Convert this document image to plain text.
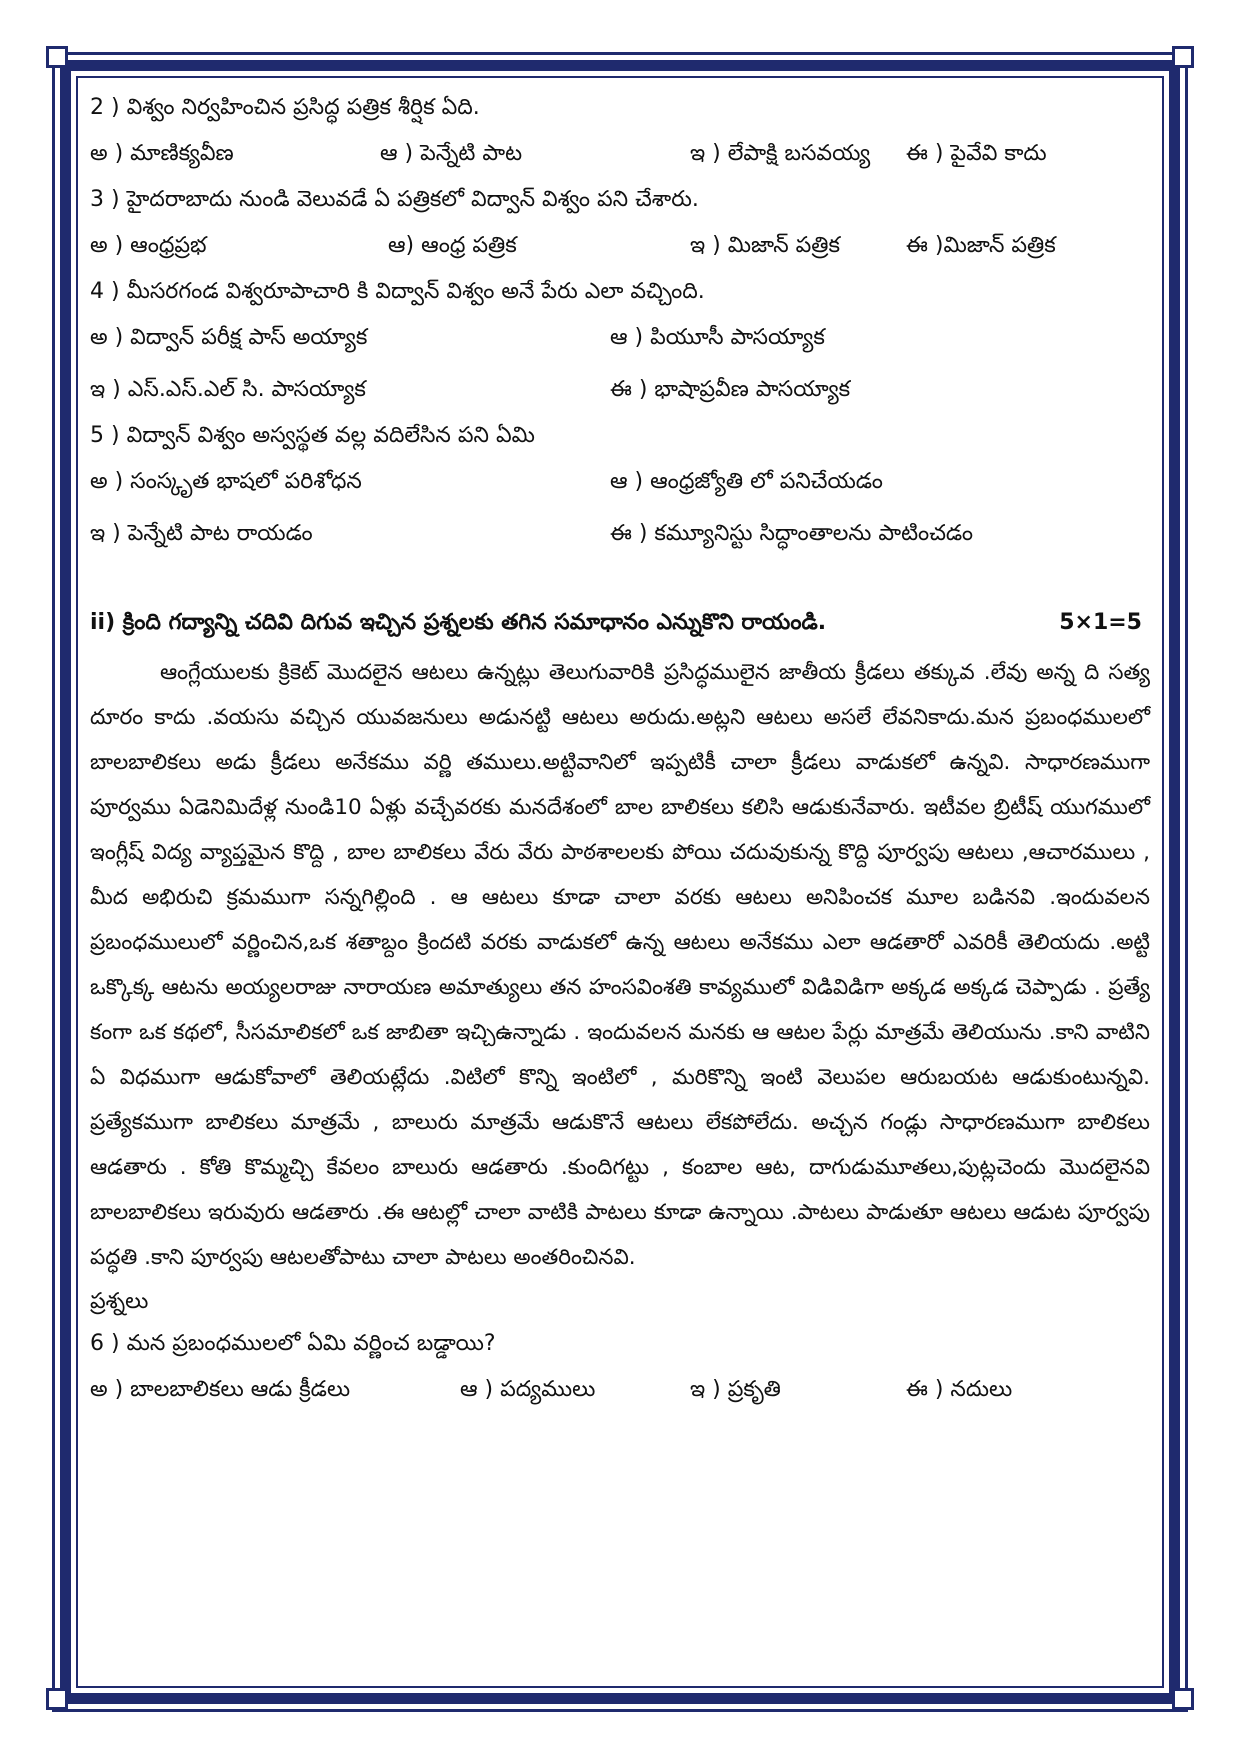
2 ) విశ్వం నిర్వహించిన ప్రసిద్ధ పత్రిక శీర్షిక ఏది.
అ ) మాణిక్యవీణ	ఆ ) పెన్నేటి పాట	ఇ ) లేపాక్షి బసవయ్య ఈ ) పైవేవి కాదు
3 ) హైదరాబాదు నుండి వెలువడే ఏ పత్రికలో విద్వాన్ విశ్వం పని చేశారు.
అ ) ఆంధ్రప్రభ	ఆ) ఆంధ్ర పత్రిక	ఇ ) మిజాన్ పత్రిక	ఈ )మిజాన్ పత్రిక
4 ) మీసరగండ విశ్వరూపాచారి కి విద్వాన్ విశ్వం అనే పేరు ఎలా వచ్చింది.
అ ) విద్వాన్ పరీక్ష పాస్ అయ్యాక	ఆ ) పియూసీ పాసయ్యాక
ఇ ) ఎస్.ఎస్.ఎల్ సి. పాసయ్యాక	ఈ ) భాషాప్రవీణ పాసయ్యాక
5 ) విద్వాన్ విశ్వం అస్వస్థత వల్ల వదిలేసిన పని ఏమి
అ ) సంస్కృత భాషలో పరిశోధన	ఆ ) ఆంధ్రజ్యోతి లో పనిచేయడం
ఇ ) పెన్నేటి పాట రాయడం	ఈ ) కమ్యూనిస్టు సిద్ధాంతాలను పాటించడం
ii) క్రింది గద్యాన్ని చదివి దిగువ ఇచ్చిన ప్రశ్నలకు తగిన సమాధానం ఎన్నుకొని రాయండి.	5×1=5

ఆంగ్లేయులకు క్రికెట్ మొదలైన ఆటలు ఉన్నట్లు తెలుగువారికి ప్రసిద్ధములైన జాతీయ క్రీడలు తక్కువ .లేవు అన్న ది సత్య దూరం కాదు .వయసు వచ్చిన యువజనులు అడునట్టి ఆటలు అరుదు.అట్లని ఆటలు అసలే లేవనికాదు.మన ప్రబంధములలో బాలబాలికలు అడు క్రీడలు అనేకము వర్ణి తములు.అట్టివానిలో ఇప్పటికీ చాలా క్రీడలు వాడుకలో ఉన్నవి. సాధారణముగా పూర్వము ఏడెనిమిదేళ్ల నుండి10 ఏళ్లు వచ్చేవరకు మనదేశంలో బాల బాలికలు కలిసి ఆడుకునేవారు. ఇటీవల బ్రిటీష్ యుగములో ఇంగ్లీష్ విద్య వ్యాప్తమైన కొద్ది , బాల బాలికలు వేరు వేరు పాఠశాలలకు పోయి చదువుకున్న కొద్ది పూర్వపు ఆటలు ,ఆచారములు , మీద అభిరుచి క్రమముగా సన్నగిల్లింది . ఆ ఆటలు కూడా చాలా వరకు ఆటలు అనిపించక మూల బడినవి .ఇందువలన ప్రబంధములులో వర్ణించిన,ఒక శతాబ్దం క్రిందటి వరకు వాడుకలో ఉన్న ఆటలు అనేకము ఎలా ఆడతారో ఎవరికీ తెలియదు .అట్టి ఒక్కొక్క ఆటను అయ్యలరాజు నారాయణ అమాత్యులు తన హంసవింశతి కావ్యములో విడివిడిగా అక్కడ అక్కడ చెప్పాడు . ప్రత్యే కంగా ఒక కథలో, సీసమాలికలో ఒక జాబితా ఇచ్చిఉన్నాడు . ఇందువలన మనకు ఆ ఆటల పేర్లు మాత్రమే తెలియును .కాని వాటిని ఏ విధముగా ఆడుకోవాలో తెలియట్లేదు .విటిలో కొన్ని ఇంటిలో , మరికొన్ని ఇంటి వెలుపల ఆరుబయట ఆడుకుంటున్నవి. ప్రత్యేకముగా బాలికలు మాత్రమే , బాలురు మాత్రమే ఆడుకొనే ఆటలు లేకపోలేదు. అచ్చన గండ్లు సాధారణముగా బాలికలు ఆడతారు . కోతి కొమ్మచ్చి కేవలం బాలురు ఆడతారు .కుందిగట్టు , కంబాల ఆట, దాగుడుమూతలు,పుట్లచెందు మొదలైనవి బాలబాలికలు ఇరువురు ఆడతారు .ఈ ఆటల్లో చాలా వాటికి పాటలు కూడా ఉన్నాయి .పాటలు పాడుతూ ఆటలు ఆడుట పూర్వపు పద్ధతి .కాని పూర్వపు ఆటలతోపాటు చాలా పాటలు అంతరించినవి.

ప్రశ్నలు
6 ) మన ప్రబంధములలో ఏమి వర్ణించ బడ్డాయి?
అ ) బాలబాలికలు ఆడు క్రీడలు	ఆ ) పద్యములు	ఇ ) ప్రకృతి	ఈ ) నదులు
